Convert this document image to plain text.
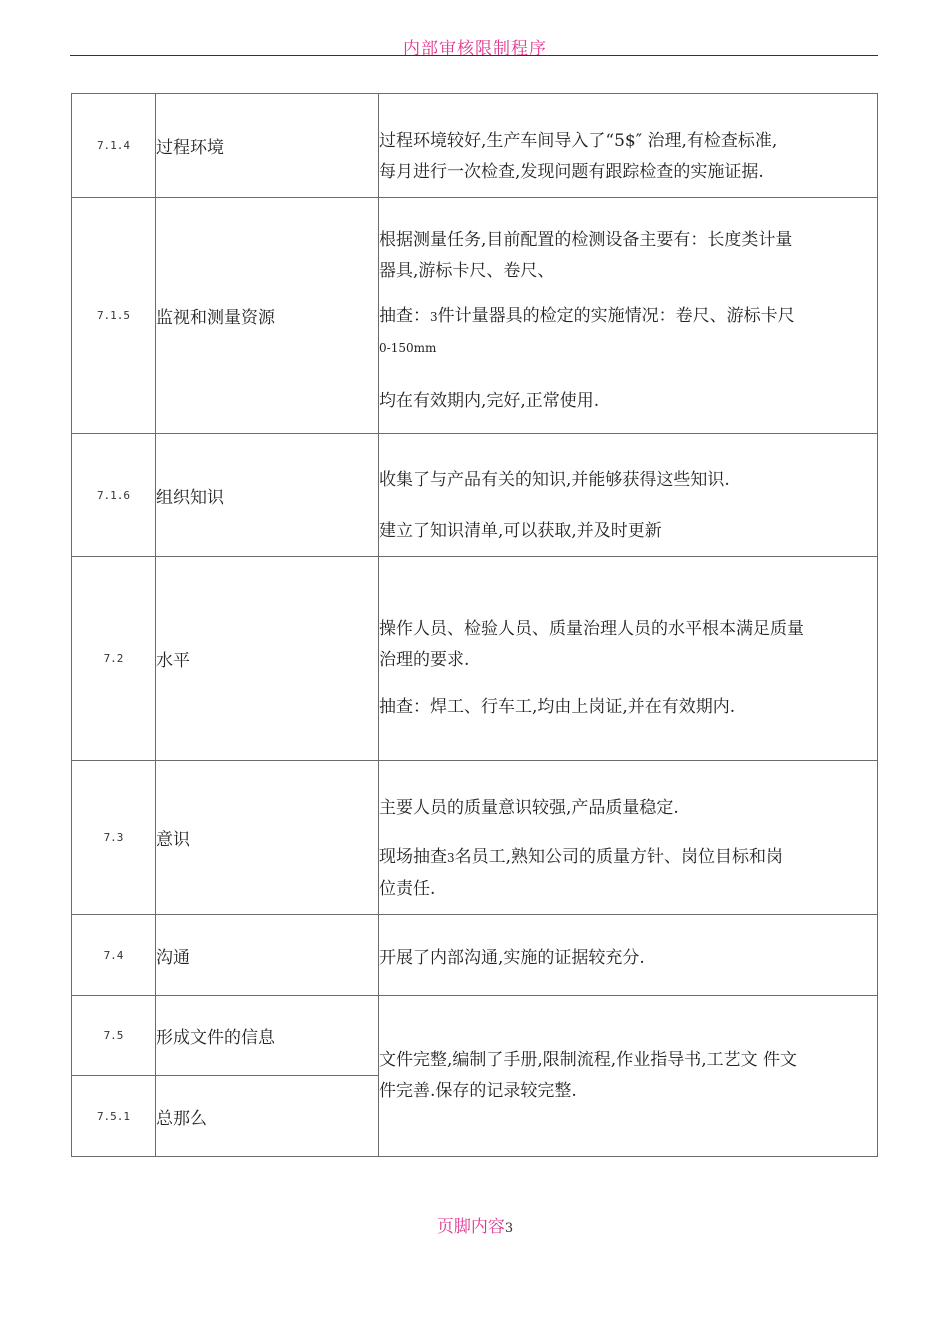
内部审核限制程序
7.1.4	过程环境	过程环境较好,生产车间导入了“5$″ 治理,有检查标准,

每月进行一次检查,发现问题有跟踪检查的实施证据.

7.1.5	监视和测量资源	根据测量任务,目前配置的检测设备主要有：长度类计量

器具,游标卡尺、卷尺、

抽查：3件计量器具的检定的实施情况：卷尺、游标卡尺

0-150mm

均在有效期内,完好,正常使用.

7.1.6	组织知识	收集了与产品有关的知识,并能够获得这些知识.

建立了知识清单,可以获取,并及时更新

7.2	水平	操作人员、检验人员、质量治理人员的水平根本满足质量

治理的要求.

抽查：焊工、行车工,均由上岗证,并在有效期内.

7.3	意识	主要人员的质量意识较强,产品质量稳定.

现场抽查3名员工,熟知公司的质量方针、岗位目标和岗

位责任.

7.4	沟通	开展了内部沟通,实施的证据较充分.

7.5	形成文件的信息	文件完整,编制了手册,限制流程,作业指导书,工艺文 件文

件完善.保存的记录较完整.

7.5.1	总那么	
页脚内容3
